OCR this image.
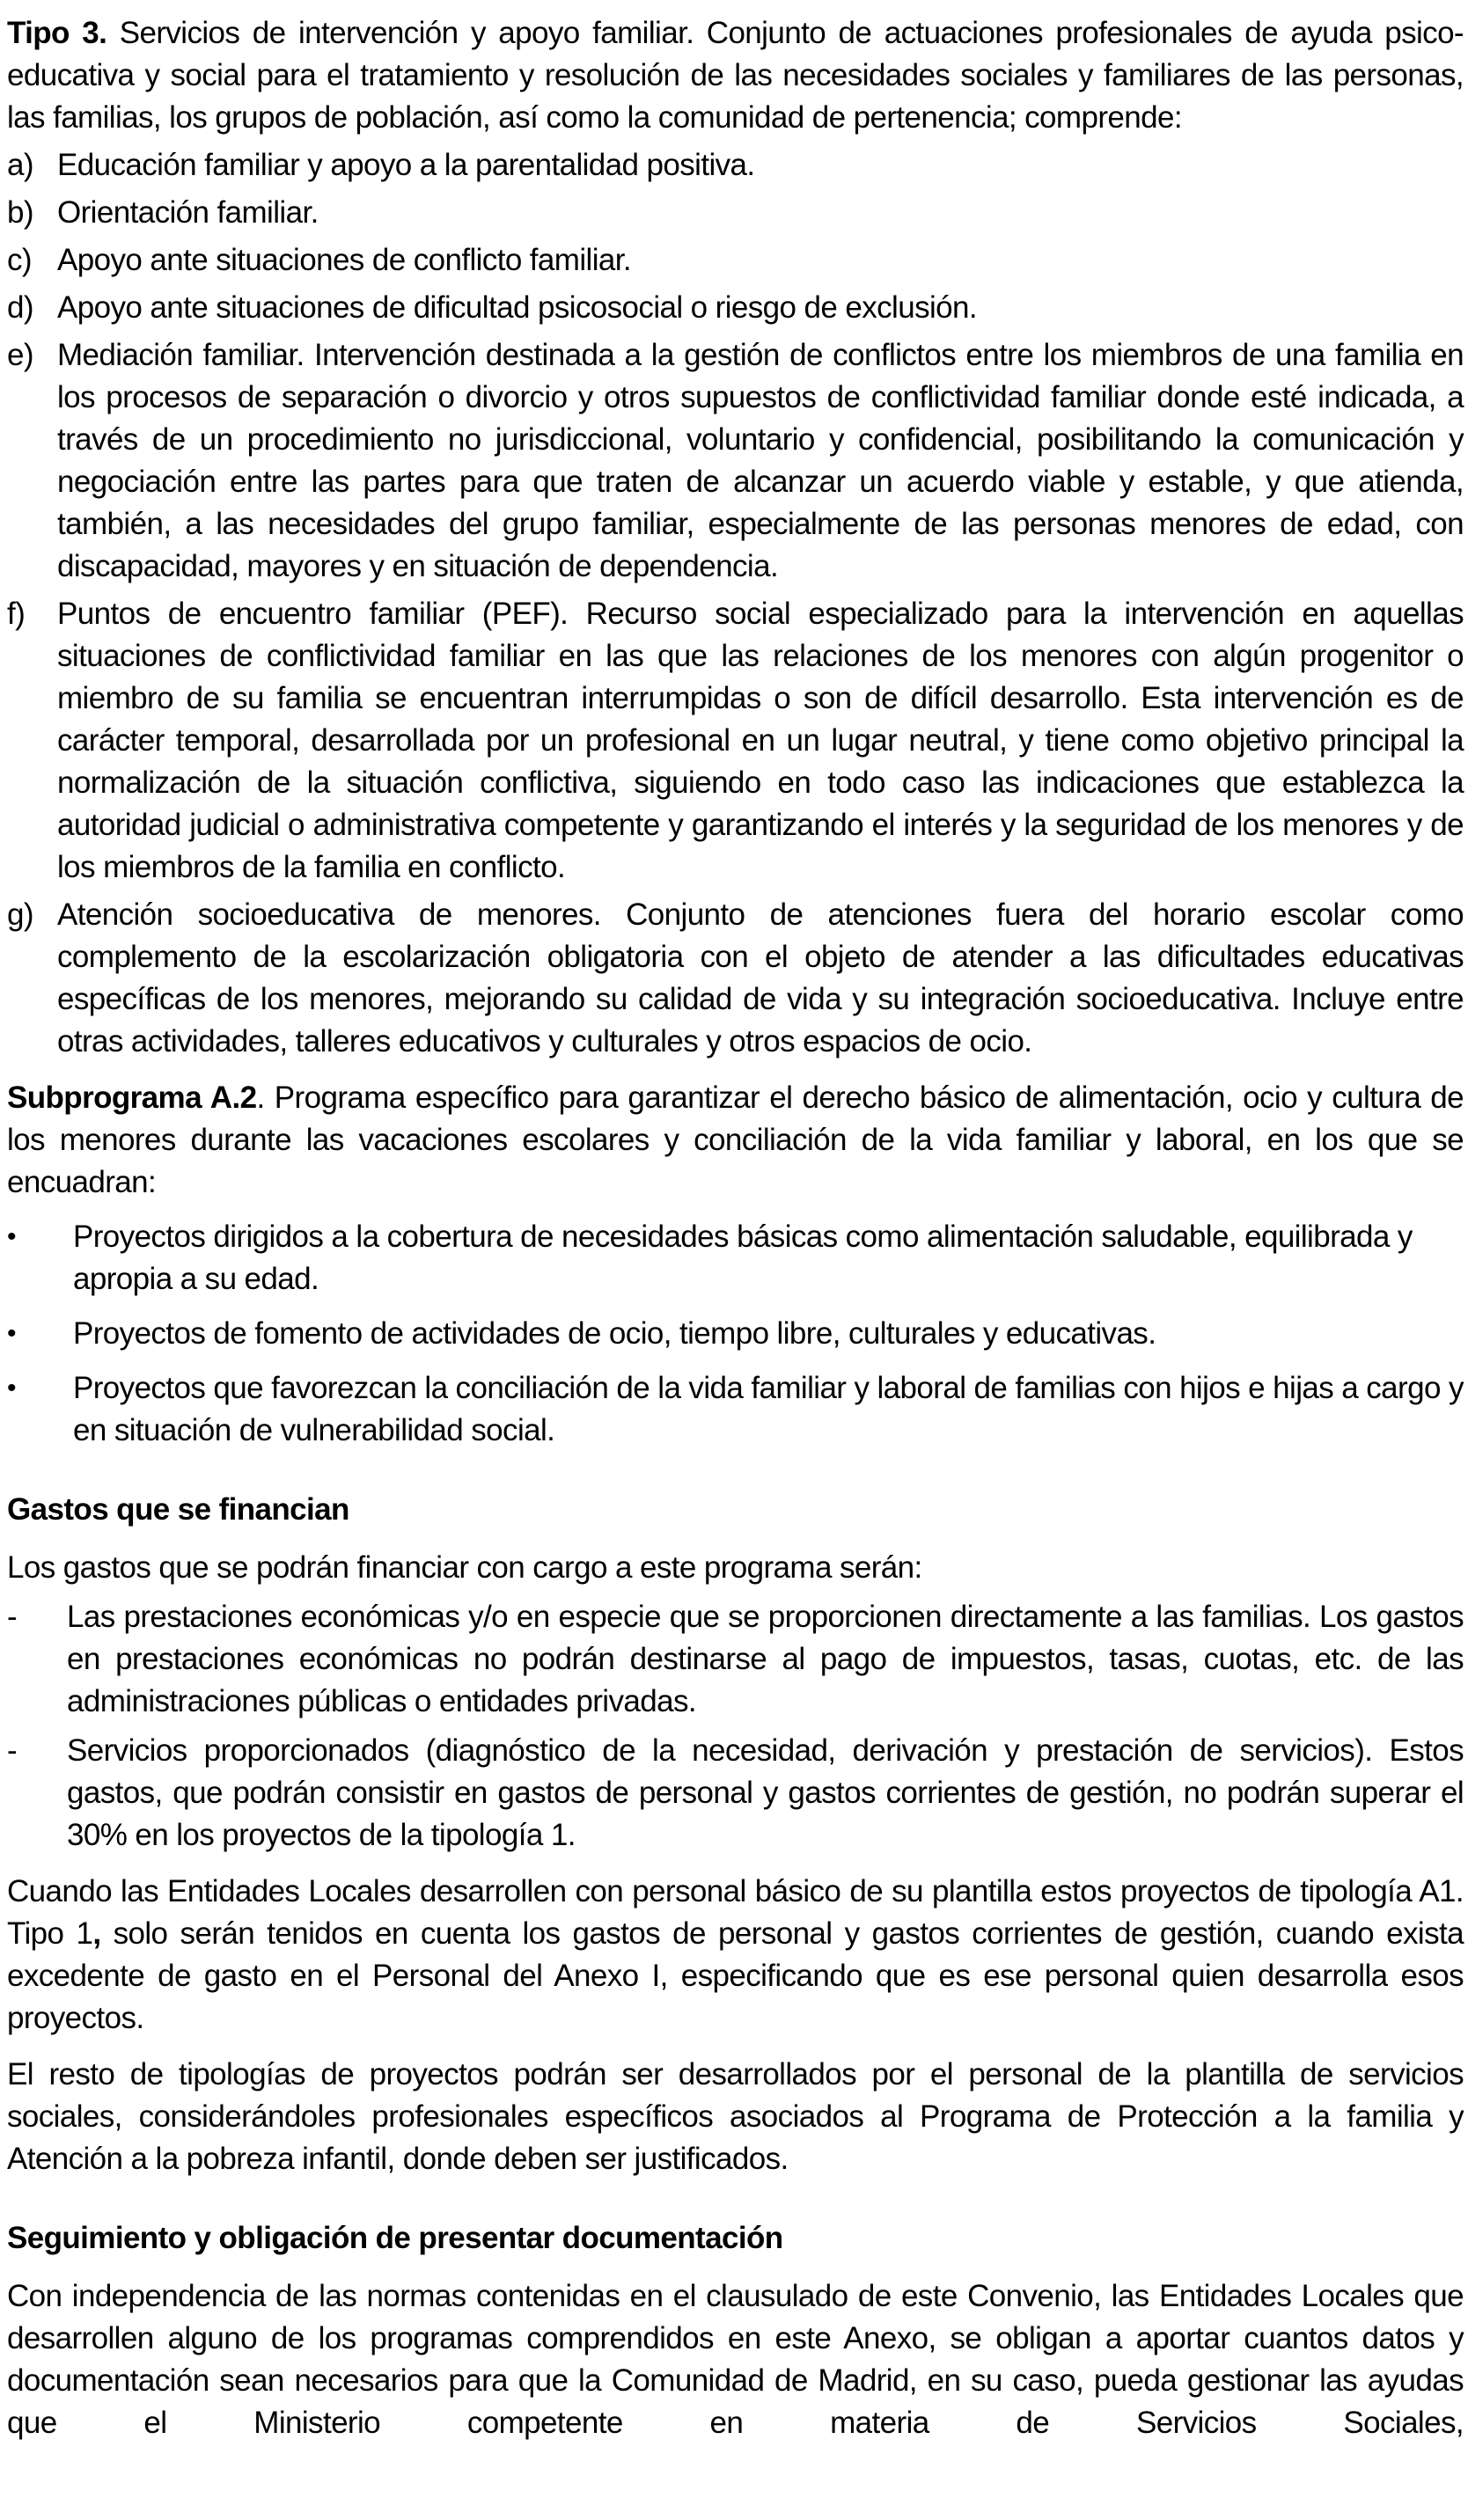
Tipo 3. Servicios de intervención y apoyo familiar. Conjunto de actuaciones profesionales de ayuda psico-educativa y social para el tratamiento y resolución de las necesidades sociales y familiares de las personas, las familias, los grupos de población, así como la comunidad de pertenencia; comprende:
a) Educación familiar y apoyo a la parentalidad positiva.
b) Orientación familiar.
c) Apoyo ante situaciones de conflicto familiar.
d) Apoyo ante situaciones de dificultad psicosocial o riesgo de exclusión.
e) Mediación familiar. Intervención destinada a la gestión de conflictos entre los miembros de una familia en los procesos de separación o divorcio y otros supuestos de conflictividad familiar donde esté indicada, a través de un procedimiento no jurisdiccional, voluntario y confidencial, posibilitando la comunicación y negociación entre las partes para que traten de alcanzar un acuerdo viable y estable, y que atienda, también, a las necesidades del grupo familiar, especialmente de las personas menores de edad, con discapacidad, mayores y en situación de dependencia.
f) Puntos de encuentro familiar (PEF). Recurso social especializado para la intervención en aquellas situaciones de conflictividad familiar en las que las relaciones de los menores con algún progenitor o miembro de su familia se encuentran interrumpidas o son de difícil desarrollo. Esta intervención es de carácter temporal, desarrollada por un profesional en un lugar neutral, y tiene como objetivo principal la normalización de la situación conflictiva, siguiendo en todo caso las indicaciones que establezca la autoridad judicial o administrativa competente y garantizando el interés y la seguridad de los menores y de los miembros de la familia en conflicto.
g) Atención socioeducativa de menores. Conjunto de atenciones fuera del horario escolar como complemento de la escolarización obligatoria con el objeto de atender a las dificultades educativas específicas de los menores, mejorando su calidad de vida y su integración socioeducativa. Incluye entre otras actividades, talleres educativos y culturales y otros espacios de ocio.
Subprograma A.2. Programa específico para garantizar el derecho básico de alimentación, ocio y cultura de los menores durante las vacaciones escolares y conciliación de la vida familiar y laboral, en los que se encuadran:
• Proyectos dirigidos a la cobertura de necesidades básicas como alimentación saludable, equilibrada y apropia a su edad.
• Proyectos de fomento de actividades de ocio, tiempo libre, culturales y educativas.
• Proyectos que favorezcan la conciliación de la vida familiar y laboral de familias con hijos e hijas a cargo y en situación de vulnerabilidad social.
Gastos que se financian
Los gastos que se podrán financiar con cargo a este programa serán:
- Las prestaciones económicas y/o en especie que se proporcionen directamente a las familias. Los gastos en prestaciones económicas no podrán destinarse al pago de impuestos, tasas, cuotas, etc. de las administraciones públicas o entidades privadas.
- Servicios proporcionados (diagnóstico de la necesidad, derivación y prestación de servicios). Estos gastos, que podrán consistir en gastos de personal y gastos corrientes de gestión, no podrán superar el 30% en los proyectos de la tipología 1.
Cuando las Entidades Locales desarrollen con personal básico de su plantilla estos proyectos de tipología A1. Tipo 1, solo serán tenidos en cuenta los gastos de personal y gastos corrientes de gestión, cuando exista excedente de gasto en el Personal del Anexo I, especificando que es ese personal quien desarrolla esos proyectos.
El resto de tipologías de proyectos podrán ser desarrollados por el personal de la plantilla de servicios sociales, considerándoles profesionales específicos asociados al Programa de Protección a la familia y Atención a la pobreza infantil, donde deben ser justificados.
Seguimiento y obligación de presentar documentación
Con independencia de las normas contenidas en el clausulado de este Convenio, las Entidades Locales que desarrollen alguno de los programas comprendidos en este Anexo, se obligan a aportar cuantos datos y documentación sean necesarios para que la Comunidad de Madrid, en su caso, pueda gestionar las ayudas que el Ministerio competente en materia de Servicios Sociales,
